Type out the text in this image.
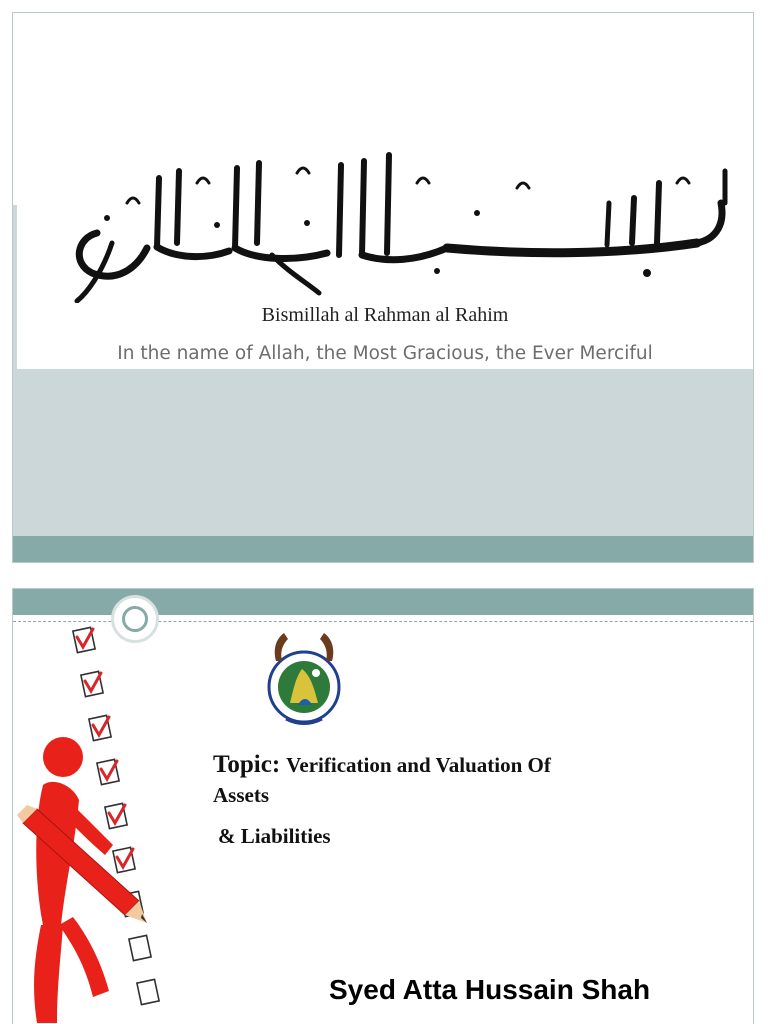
Bismillah al Rahman al Rahim
In the name of Allah, the Most Gracious, the Ever Merciful
Topic: Verification and Valuation Of
Assets
& Liabilities
Syed Atta Hussain Shah
